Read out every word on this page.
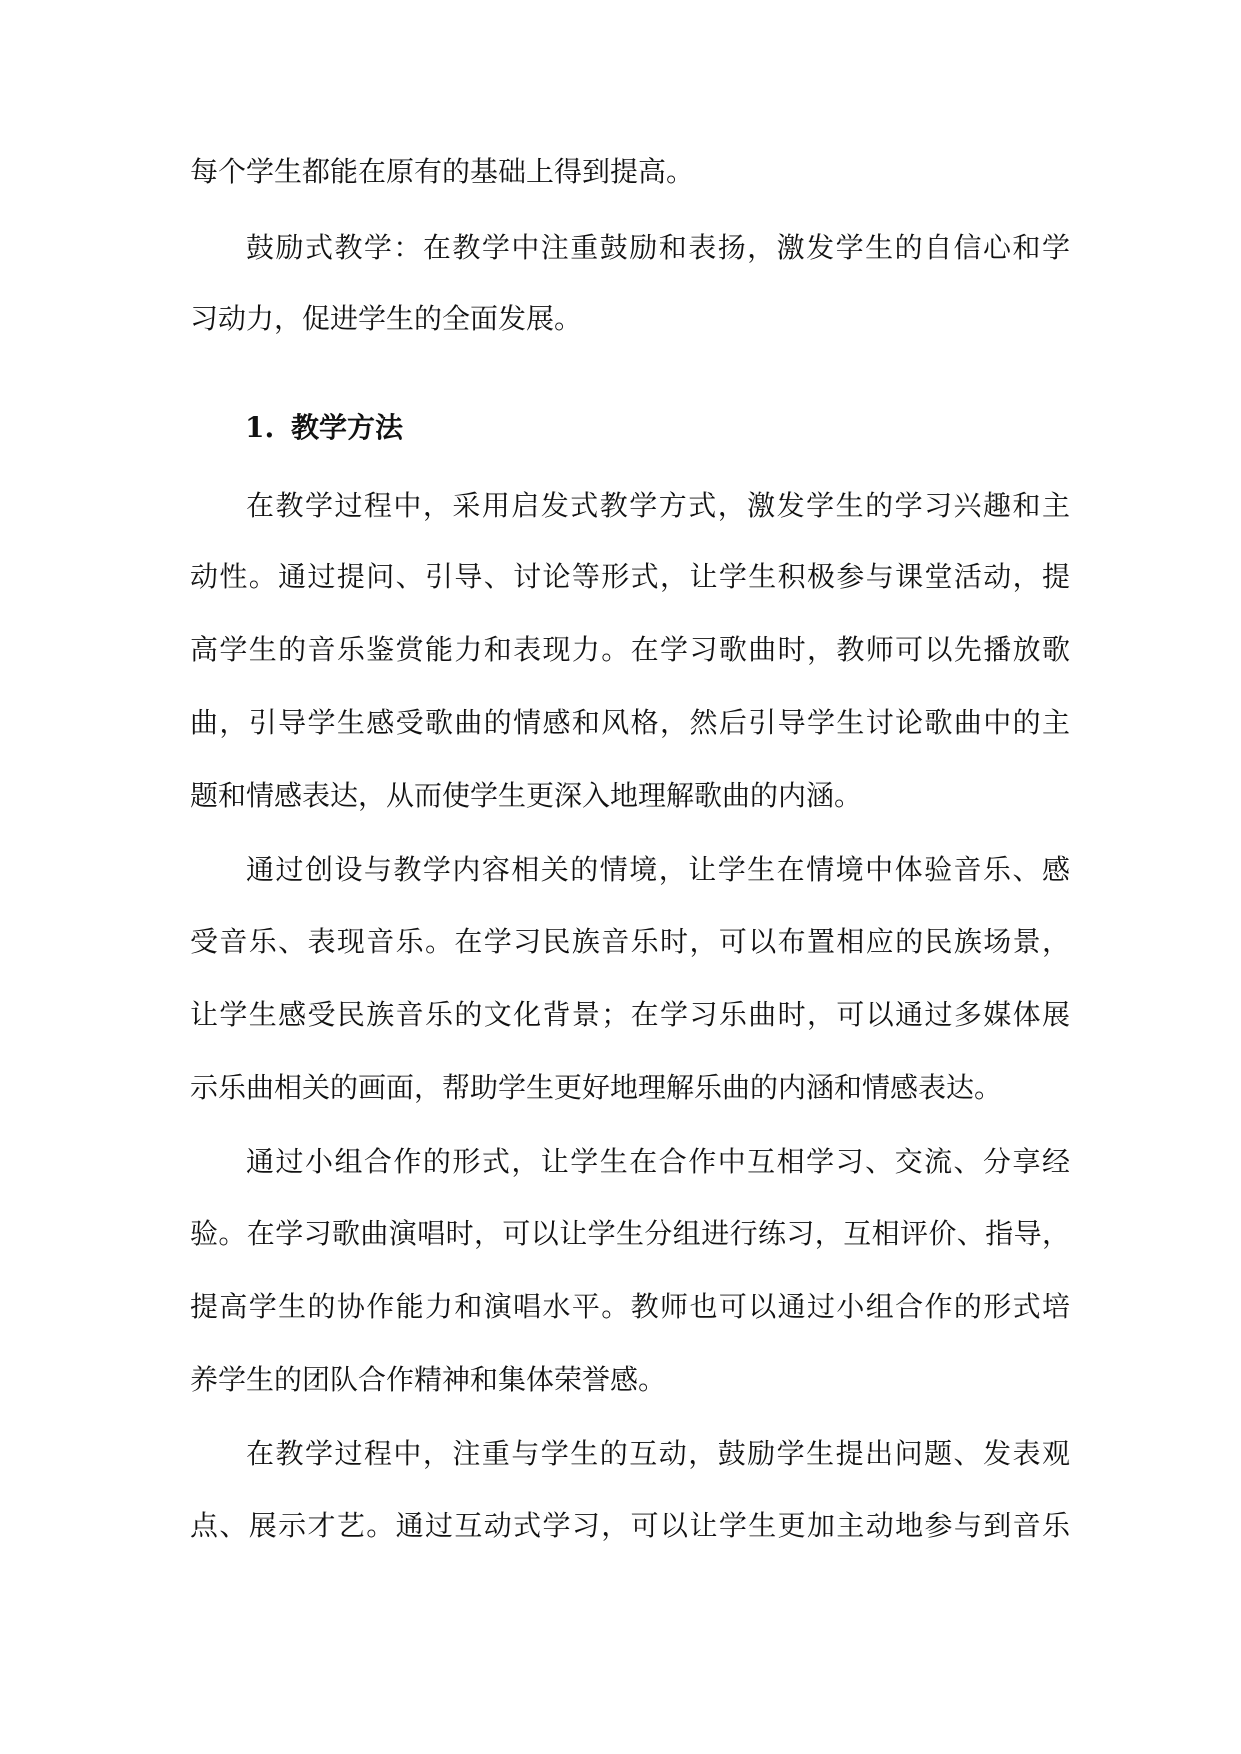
每个学生都能在原有的基础上得到提高。
鼓励式教学：在教学中注重鼓励和表扬，激发学生的自信心和学
习动力，促进学生的全面发展。
1. 教学方法
在教学过程中，采用启发式教学方式，激发学生的学习兴趣和主
动性。通过提问、引导、讨论等形式，让学生积极参与课堂活动，提
高学生的音乐鉴赏能力和表现力。在学习歌曲时，教师可以先播放歌
曲，引导学生感受歌曲的情感和风格，然后引导学生讨论歌曲中的主
题和情感表达，从而使学生更深入地理解歌曲的内涵。
通过创设与教学内容相关的情境，让学生在情境中体验音乐、感
受音乐、表现音乐。在学习民族音乐时，可以布置相应的民族场景，
让学生感受民族音乐的文化背景；在学习乐曲时，可以通过多媒体展
示乐曲相关的画面，帮助学生更好地理解乐曲的内涵和情感表达。
通过小组合作的形式，让学生在合作中互相学习、交流、分享经
验。在学习歌曲演唱时，可以让学生分组进行练习，互相评价、指导，
提高学生的协作能力和演唱水平。教师也可以通过小组合作的形式培
养学生的团队合作精神和集体荣誉感。
在教学过程中，注重与学生的互动，鼓励学生提出问题、发表观
点、展示才艺。通过互动式学习，可以让学生更加主动地参与到音乐
